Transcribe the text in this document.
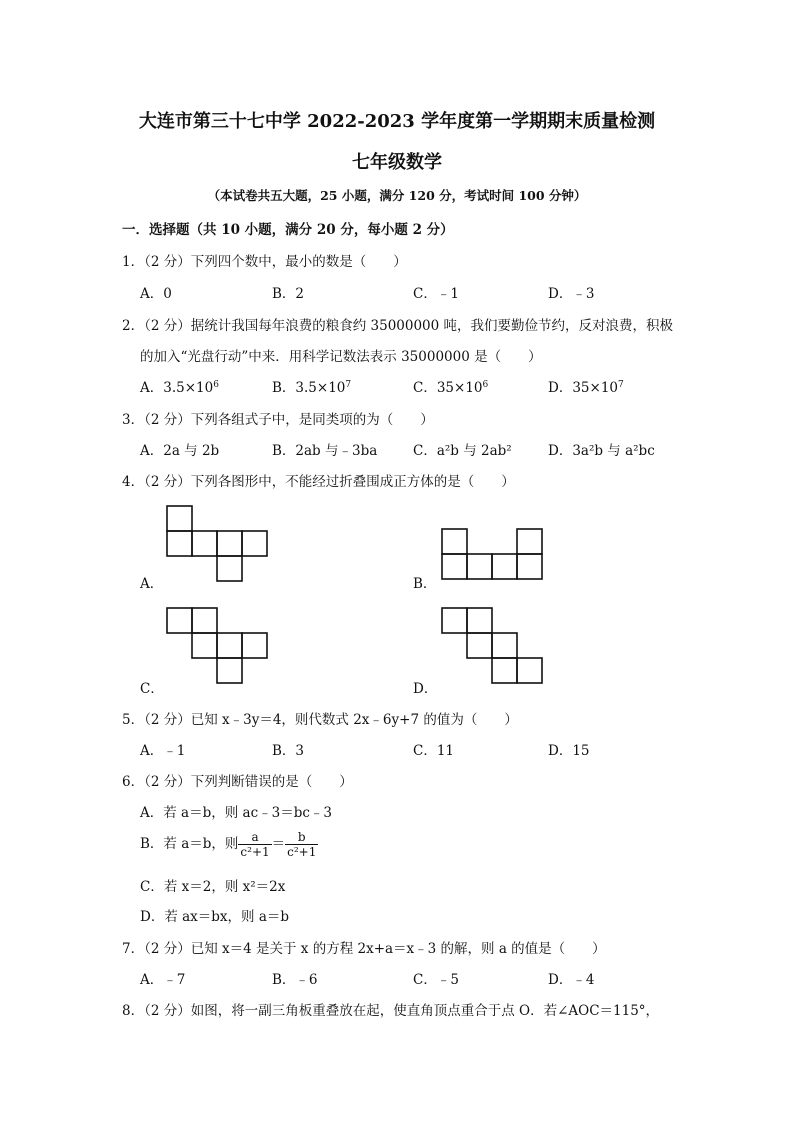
大连市第三十七中学 2022-2023 学年度第一学期期末质量检测
七年级数学
（本试卷共五大题，25 小题，满分 120 分，考试时间 100 分钟）
一．选择题（共 10 小题，满分 20 分，每小题 2 分）
1．（2 分）下列四个数中，最小的数是（　　）
A．0	B．2	C．﹣1	D．﹣3
2．（2 分）据统计我国每年浪费的粮食约 35000000 吨，我们要勤俭节约，反对浪费，积极
的加入“光盘行动”中来．用科学记数法表示 35000000 是（　　）
A．$3.5\times 10^6$	B．$3.5\times 10^7$	C．$35\times 10^6$	D．$35\times 10^7$
3．（2 分）下列各组式子中，是同类项的为（　　）
A．2a 与 2b	B．2ab 与﹣3ba	C．a²b 与 2ab²	D．3a²b 与 a²bc
4．（2 分）下列各图形中，不能经过折叠围成正方体的是（　　）
A．	B．
C．	D．
5．（2 分）已知 x﹣3y＝4，则代数式 2x﹣6y+7 的值为（　　）
A．﹣1	B．3	C．11	D．15
6．（2 分）下列判断错误的是（　　）
A．若 a＝b，则 ac﹣3＝bc﹣3
B．若 a＝b，则 $\frac{a}{\text{c²+1}} = \frac{b}{\text{c²+1}}$
C．若 x＝2，则 x²＝2x
D．若 ax＝bx，则 a＝b
7．（2 分）已知 x＝4 是关于 x 的方程 2x+a＝x﹣3 的解，则 a 的值是（　　）
A．﹣7	B．﹣6	C．﹣5	D．﹣4
8．（2 分）如图，将一副三角板重叠放在起，使直角顶点重合于点 O．若∠AOC＝115°，
